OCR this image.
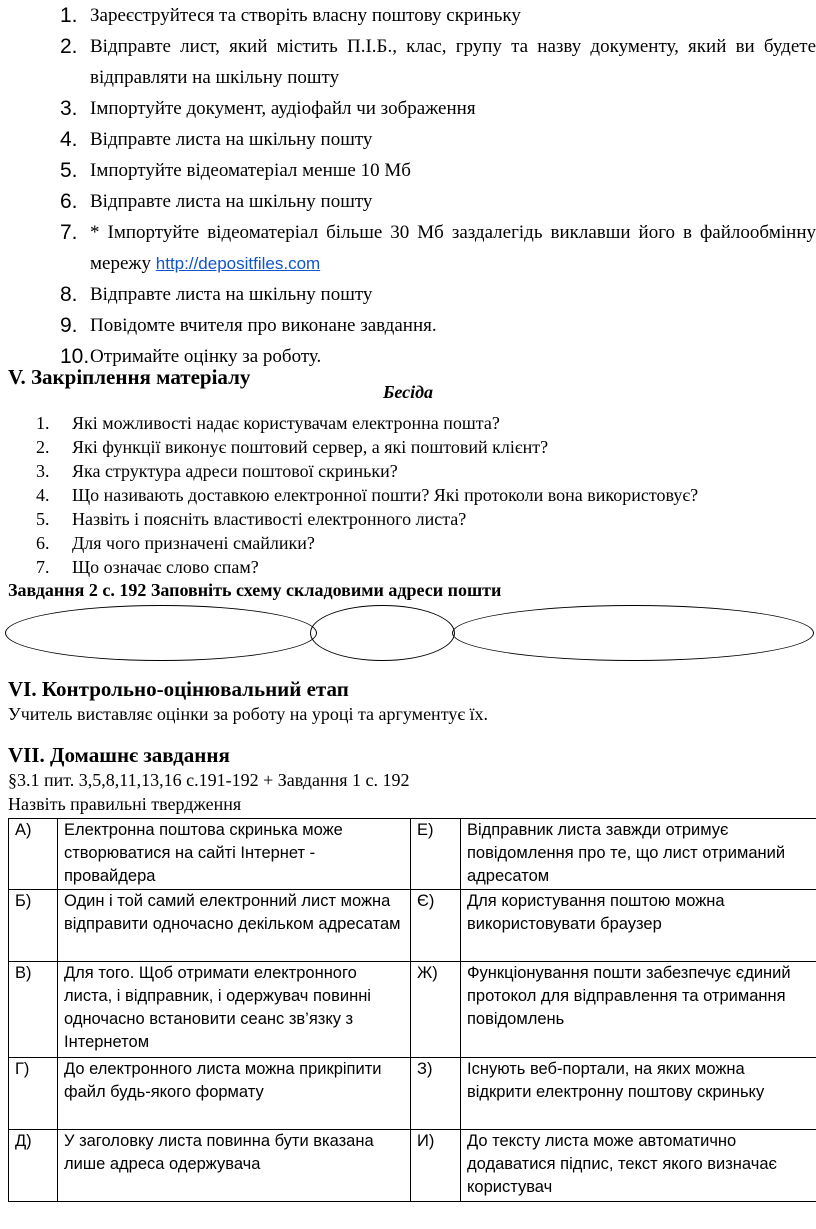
1. Зареєструйтеся та створіть власну поштову скриньку
2. Відправте лист, який містить П.І.Б., клас, групу та назву документу, який ви будете відправляти на шкільну пошту
3. Імпортуйте документ, аудіофайл чи зображення
4. Відправте листа на шкільну пошту
5. Імпортуйте відеоматеріал менше 10 Мб
6. Відправте листа на шкільну пошту
7. * Імпортуйте відеоматеріал більше 30 Мб заздалегідь виклавши його в файлообмінну мережу http://depositfiles.com
8. Відправте листа на шкільну пошту
9. Повідомте вчителя про виконане завдання.
10. Отримайте оцінку за роботу.
V. Закріплення матеріалу
Бесіда
1. Які можливості надає користувачам електронна пошта?
2. Які функції виконує поштовий сервер, а які поштовий клієнт?
3. Яка структура адреси поштової скриньки?
4. Що називають доставкою електронної пошти? Які протоколи вона використовує?
5. Назвіть і поясніть властивості електронного листа?
6. Для чого призначені смайлики?
7. Що означає слово спам?
Завдання 2 с. 192 Заповніть схему складовими адреси пошти
VI. Контрольно-оцінювальний етап
Учитель виставляє оцінки за роботу на уроці та аргументує їх.
VII. Домашнє завдання
§3.1 пит. 3,5,8,11,13,16 с.191-192 + Завдання 1 с. 192
Назвіть правильні твердження
А)	Електронна поштова скринька може створюватися на сайті Інтернет - провайдера	Е)	Відправник листа завжди отримує повідомлення про те, що лист отриманий адресатом
Б)	Один і той самий електронний лист можна відправити одночасно декільком адресатам	Є)	Для користування поштою можна використовувати браузер
В)	Для того. Щоб отримати електронного листа, і відправник, і одержувач повинні одночасно встановити сеанс зв’язку з Інтернетом	Ж)	Функціонування пошти забезпечує єдиний протокол для відправлення та отримання повідомлень
Г)	До електронного листа можна прикріпити файл будь-якого формату	З)	Існують веб-портали, на яких можна відкрити електронну поштову скриньку
Д)	У заголовку листа повинна бути вказана лише адреса одержувача	И)	До тексту листа може автоматично додаватися підпис, текст якого визначає користувач
